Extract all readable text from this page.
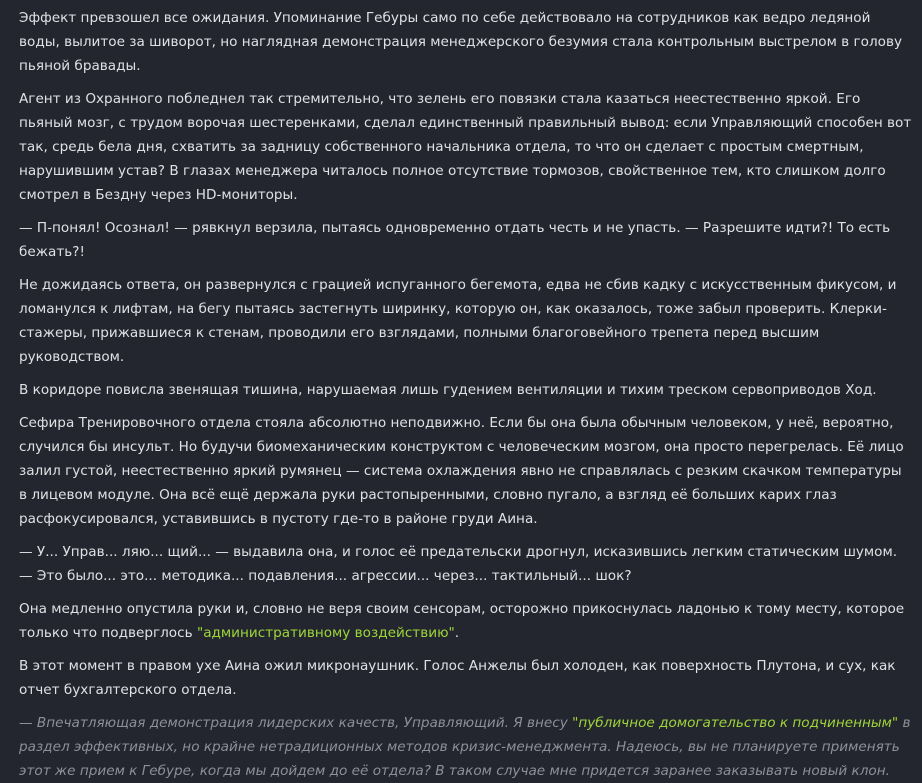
Эффект превзошел все ожидания. Упоминание Гебуры само по себе действовало на сотрудников как ведро ледяной воды, вылитое за шиворот, но наглядная демонстрация менеджерского безумия стала контрольным выстрелом в голову пьяной бравады.

Агент из Охранного побледнел так стремительно, что зелень его повязки стала казаться неестественно яркой. Его пьяный мозг, с трудом ворочая шестеренками, сделал единственный правильный вывод: если Управляющий способен вот так, средь бела дня, схватить за задницу собственного начальника отдела, то что он сделает с простым смертным, нарушившим устав? В глазах менеджера читалось полное отсутствие тормозов, свойственное тем, кто слишком долго смотрел в Бездну через HD-мониторы.

— П-понял! Осознал! — рявкнул верзила, пытаясь одновременно отдать честь и не упасть. — Разрешите идти?! То есть бежать?!

Не дожидаясь ответа, он развернулся с грацией испуганного бегемота, едва не сбив кадку с искусственным фикусом, и ломанулся к лифтам, на бегу пытаясь застегнуть ширинку, которую он, как оказалось, тоже забыл проверить. Клерки-стажеры, прижавшиеся к стенам, проводили его взглядами, полными благоговейного трепета перед высшим руководством.

В коридоре повисла звенящая тишина, нарушаемая лишь гудением вентиляции и тихим треском сервоприводов Ход.

Сефира Тренировочного отдела стояла абсолютно неподвижно. Если бы она была обычным человеком, у неё, вероятно, случился бы инсульт. Но будучи биомеханическим конструктом с человеческим мозгом, она просто перегрелась. Её лицо залил густой, неестественно яркий румянец — система охлаждения явно не справлялась с резким скачком температуры в лицевом модуле. Она всё ещё держала руки растопыренными, словно пугало, а взгляд её больших карих глаз расфокусировался, уставившись в пустоту где-то в районе груди Аина.

— У... Управ... ляю... щий... — выдавила она, и голос её предательски дрогнул, исказившись легким статическим шумом. — Это было... это... методика... подавления... агрессии... через... тактильный... шок?

Она медленно опустила руки и, словно не веря своим сенсорам, осторожно прикоснулась ладонью к тому месту, которое только что подверглось "административному воздействию".

В этот момент в правом ухе Аина ожил микронаушник. Голос Анжелы был холоден, как поверхность Плутона, и сух, как отчет бухгалтерского отдела.

— Впечатляющая демонстрация лидерских качеств, Управляющий. Я внесу "публичное домогательство к подчиненным" в раздел эффективных, но крайне нетрадиционных методов кризис-менеджмента. Надеюсь, вы не планируете применять этот же прием к Гебуре, когда мы дойдем до её отдела? В таком случае мне придется заранее заказывать новый клон.
